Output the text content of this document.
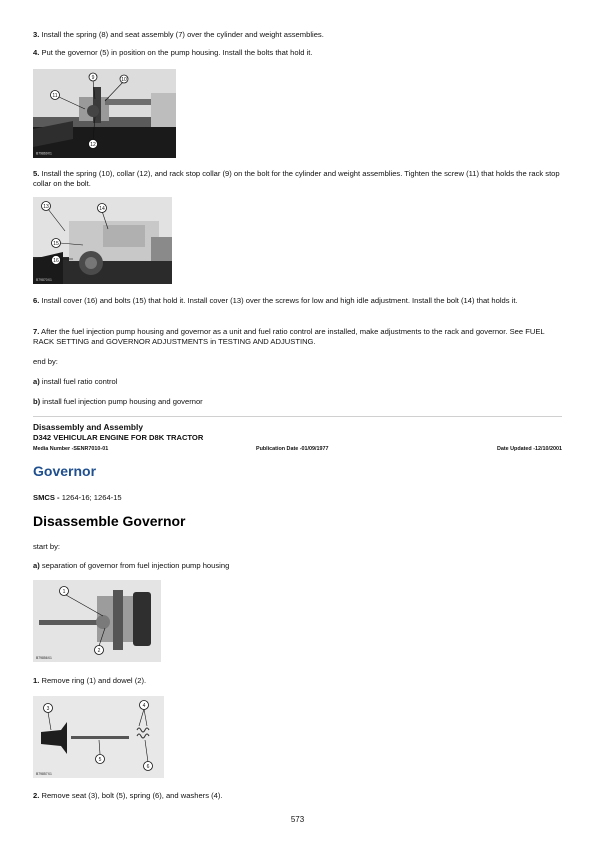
3. Install the spring (8) and seat assembly (7) over the cylinder and weight assemblies.

4. Put the governor (5) in position on the pump housing. Install the bolts that hold it.

9	10
11
12
B79869X1

5. Install the spring (10), collar (12), and rack stop collar (9) on the bolt for the cylinder and weight assemblies. Tighten the screw (11) that holds the rack stop collar on the bolt.

13	14
15
16
B79870X1

6. Install cover (16) and bolts (15) that hold it. Install cover (13) over the screws for low and high idle adjustment. Install the bolt (14) that holds it.

7. After the fuel injection pump housing and governor as a unit and fuel ratio control are installed, make adjustments to the rack and governor. See FUEL RACK SETTING and GOVERNOR ADJUSTMENTS in TESTING AND ADJUSTING.

end by:

a) install fuel ratio control

b) install fuel injection pump housing and governor

Disassembly and Assembly
D342 VEHICULAR ENGINE FOR D8K TRACTOR
Media Number -SENR7010-01	Publication Date -01/09/1977	Date Updated -12/10/2001
Governor

SMCS - 1264-16; 1264-15

Disassemble Governor

start by:

a) separation of governor from fuel injection pump housing

1
2
B79856X1

1. Remove ring (1) and dowel (2).

3	4
5
6
B79857X1

2. Remove seat (3), bolt (5), spring (6), and washers (4).

573
